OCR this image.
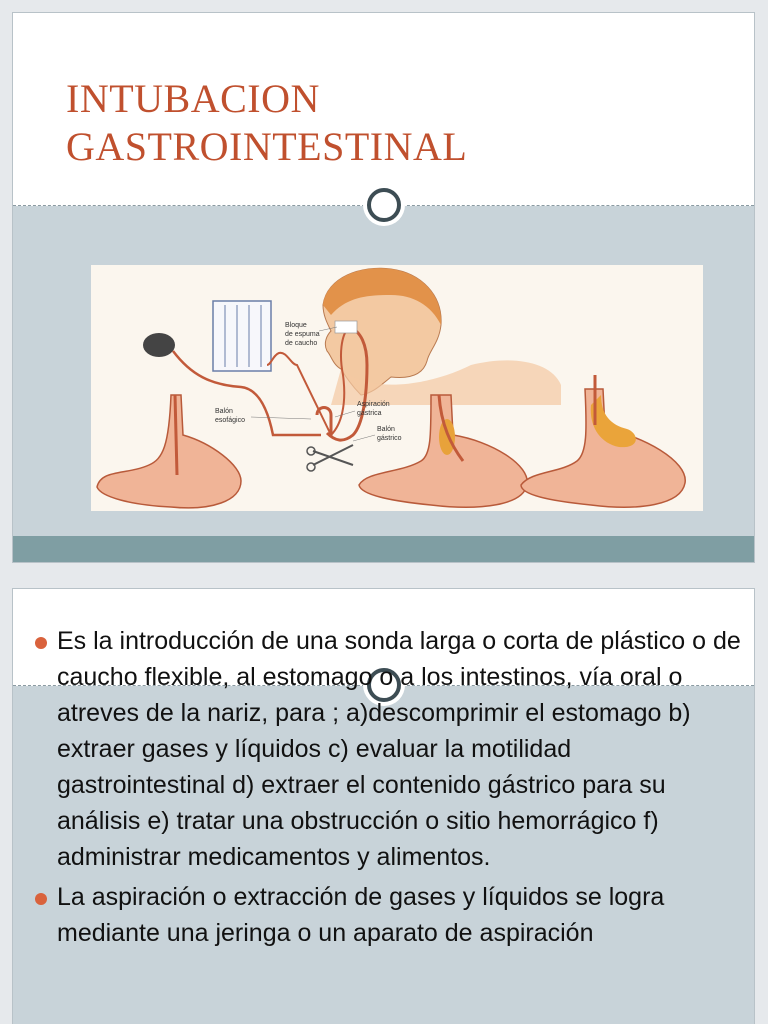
INTUBACION
GASTROINTESTINAL
Bloque
de espuma
de caucho
Balón
esofágico
Aspiración
gástrica
Balón
gástrico
Es la introducción de una sonda larga o corta de plástico o de caucho flexible, al estomago o a los intestinos, vía oral o atreves de la nariz, para ; a)descomprimir el estomago b) extraer gases y líquidos c) evaluar la motilidad gastrointestinal d) extraer el contenido gástrico para su análisis e) tratar una obstrucción o sitio hemorrágico f) administrar medicamentos y alimentos.
La aspiración o extracción de gases y líquidos se logra mediante una jeringa o un aparato de aspiración
